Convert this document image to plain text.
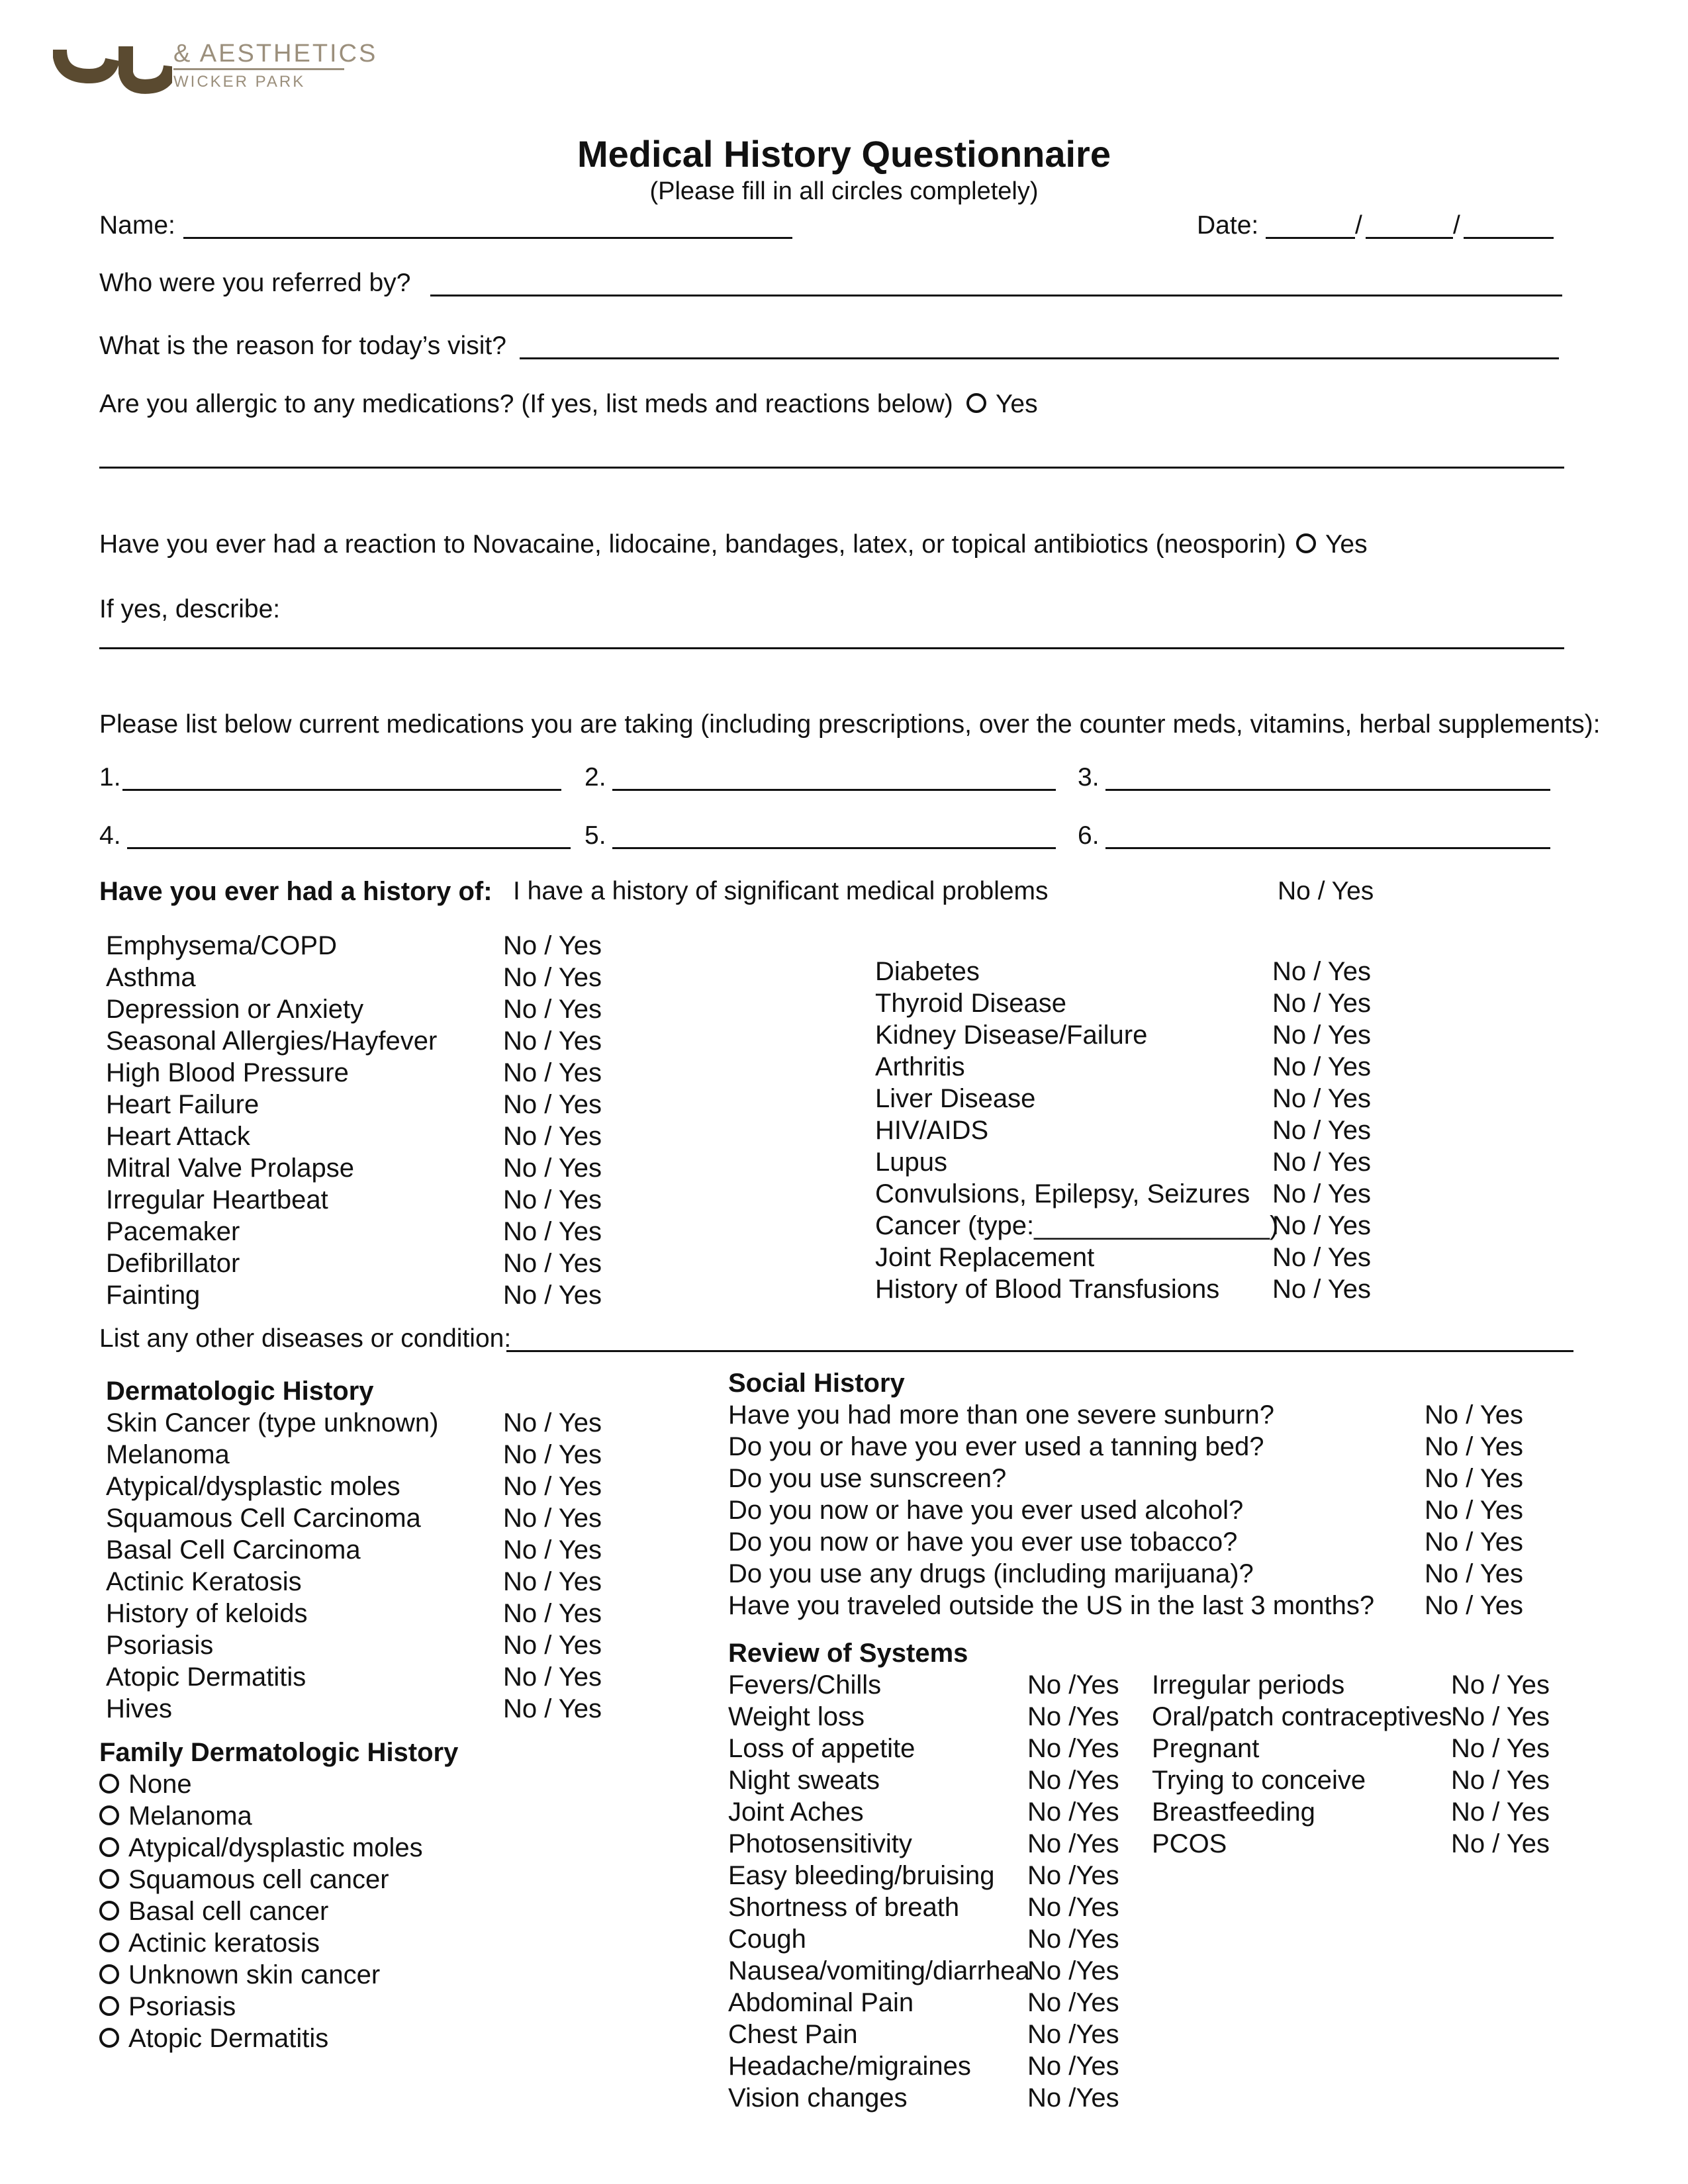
& AESTHETICS
WICKER PARK
Medical History Questionnaire
(Please fill in all circles completely)
Name:	Date:	/	/
Who were you referred by?
What is the reason for today’s visit?
Are you allergic to any medications? (If yes, list meds and reactions below)	Yes
Have you ever had a reaction to Novacaine, lidocaine, bandages, latex, or topical antibiotics (neosporin)	Yes
If yes, describe:
Please list below current medications you are taking (including prescriptions, over the counter meds, vitamins, herbal supplements):
1.	2.	3.
4.	5.	6.
Have you ever had a history of: I have a history of significant medical problems	No / Yes
Emphysema/COPD	No / Yes
Asthma	No / Yes
Depression or Anxiety	No / Yes
Seasonal Allergies/Hayfever No / Yes
High Blood Pressure	No / Yes
Heart Failure	No / Yes
Heart Attack	No / Yes
Mitral Valve Prolapse	No / Yes
Irregular Heartbeat	No / Yes
Pacemaker	No / Yes
Defibrillator	No / Yes
Fainting	No / Yes
Diabetes	No / Yes
Thyroid Disease	No / Yes
Kidney Disease/Failure	No / Yes
Arthritis	No / Yes
Liver Disease	No / Yes
HIV/AIDS	No / Yes
Lupus	No / Yes
Convulsions, Epilepsy, Seizures No / Yes
Cancer (type:________________)No / Yes
Joint Replacement	No / Yes
History of Blood Transfusions No / Yes
List any other diseases or condition:
Dermatologic History
Skin Cancer (type unknown) No / Yes
Melanoma	No / Yes
Atypical/dysplastic moles	No / Yes
Squamous Cell Carcinoma	No / Yes
Basal Cell Carcinoma	No / Yes
Actinic Keratosis	No / Yes
History of keloids	No / Yes
Psoriasis	No / Yes
Atopic Dermatitis	No / Yes
Hives	No / Yes
Family Dermatologic History
None
Melanoma
Atypical/dysplastic moles
Squamous cell cancer
Basal cell cancer
Actinic keratosis
Unknown skin cancer
Psoriasis
Atopic Dermatitis
Social History
Have you had more than one severe sunburn?	No / Yes
Do you or have you ever used a tanning bed?	No / Yes
Do you use sunscreen?	No / Yes
Do you now or have you ever used alcohol?	No / Yes
Do you now or have you ever use tobacco?	No / Yes
Do you use any drugs (including marijuana)?	No / Yes
Have you traveled outside the US in the last 3 months? No / Yes
Review of Systems
Fevers/Chills	No /Yes
Weight loss	No /Yes
Loss of appetite	No /Yes
Night sweats	No /Yes
Joint Aches	No /Yes
Photosensitivity	No /Yes
Easy bleeding/bruising No /Yes
Shortness of breath	No /Yes
Cough	No /Yes
Nausea/vomiting/diarrheaNo /Yes
Abdominal Pain	No /Yes
Chest Pain	No /Yes
Headache/migraines No /Yes
Vision changes	No /Yes
Irregular periods	No / Yes
Oral/patch contraceptivesNo / Yes
Pregnant	No / Yes
Trying to conceive	No / Yes
Breastfeeding	No / Yes
PCOS	No / Yes
